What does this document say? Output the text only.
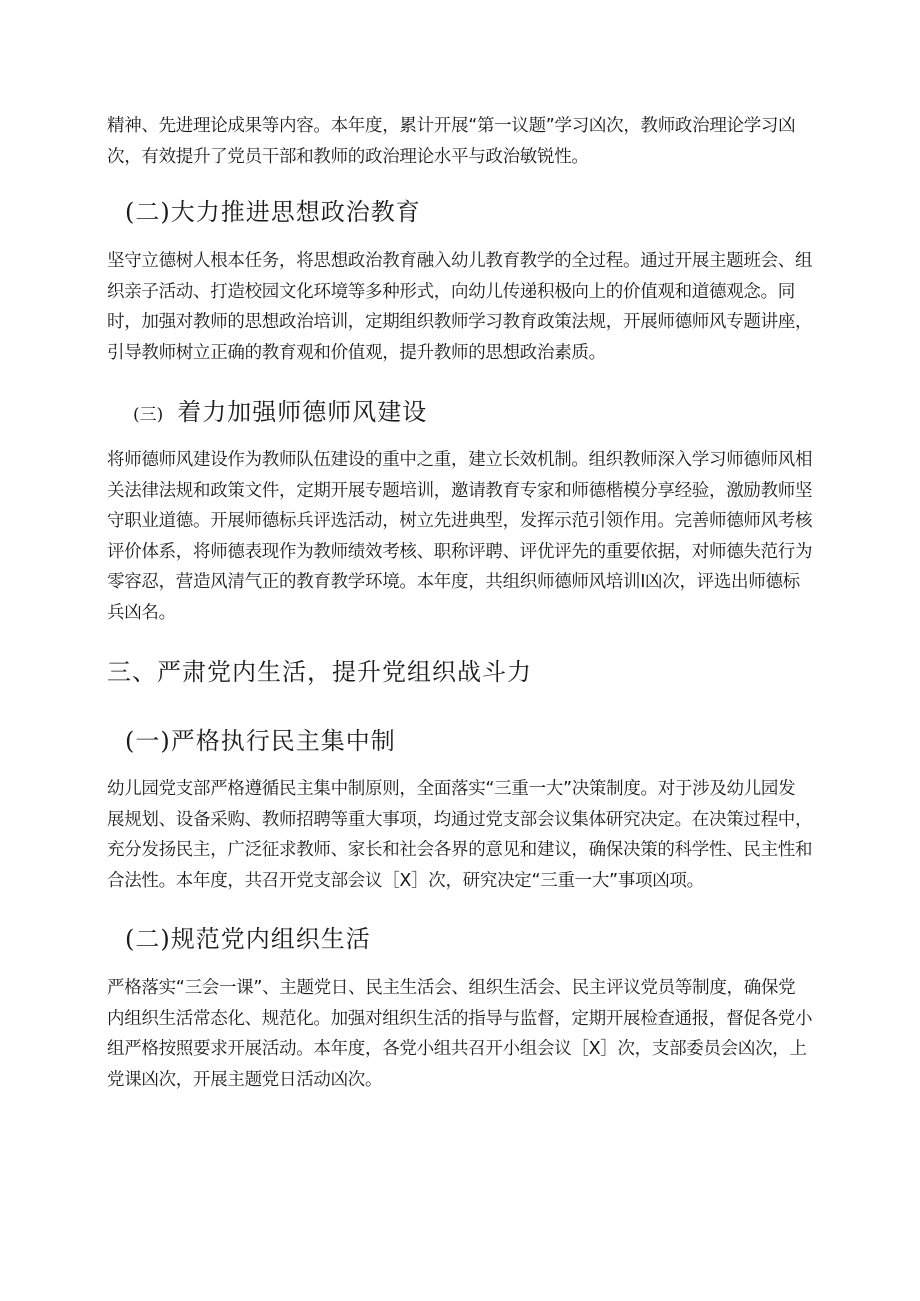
精神、先进理论成果等内容。本年度，累计开展“第一议题”学习凶次，教师政治理论学习凶
次，有效提升了党员干部和教师的政治理论水平与政治敏锐性。

(二)大力推进思想政治教育

坚守立德树人根本任务，将思想政治教育融入幼儿教育教学的全过程。通过开展主题班会、组
织亲子活动、打造校园文化环境等多种形式，向幼儿传递积极向上的价值观和道德观念。同
时，加强对教师的思想政治培训，定期组织教师学习教育政策法规，开展师德师风专题讲座，
引导教师树立正确的教育观和价值观，提升教师的思想政治素质。

(三) 着力加强师德师风建设

将师德师风建设作为教师队伍建设的重中之重，建立长效机制。组织教师深入学习师德师风相
关法律法规和政策文件，定期开展专题培训，邀请教育专家和师德楷模分享经验，激励教师坚
守职业道德。开展师德标兵评选活动，树立先进典型，发挥示范引领作用。完善师德师风考核
评价体系，将师德表现作为教师绩效考核、职称评聘、评优评先的重要依据，对师德失范行为
零容忍，营造风清气正的教育教学环境。本年度，共组织师德师风培训I凶次，评选出师德标
兵凶名。

三、严肃党内生活，提升党组织战斗力
(一)严格执行民主集中制

幼儿园党支部严格遵循民主集中制原则，全面落实“三重一大”决策制度。对于涉及幼儿园发
展规划、设备采购、教师招聘等重大事项，均通过党支部会议集体研究决定。在决策过程中，
充分发扬民主，广泛征求教师、家长和社会各界的意见和建议，确保决策的科学性、民主性和
合法性。本年度，共召开党支部会议［X］次，研究决定“三重一大”事项凶项。

(二)规范党内组织生活

严格落实“三会一课”、主题党日、民主生活会、组织生活会、民主评议党员等制度，确保党
内组织生活常态化、规范化。加强对组织生活的指导与监督，定期开展检查通报，督促各党小
组严格按照要求开展活动。本年度，各党小组共召开小组会议［X］次，支部委员会凶次，上
党课凶次，开展主题党日活动凶次。
